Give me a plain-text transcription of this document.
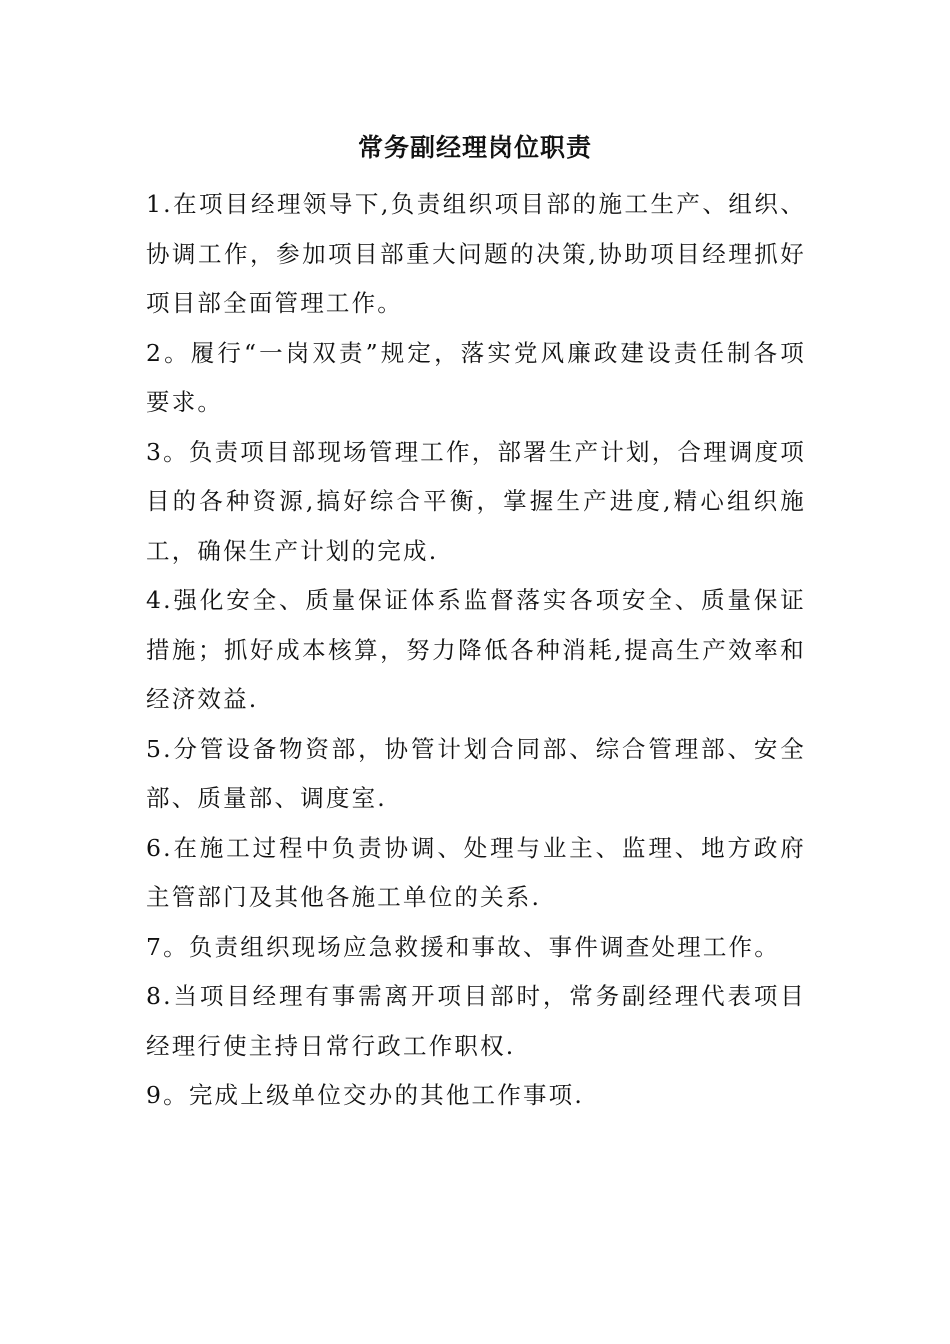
常务副经理岗位职责

1.在项目经理领导下,负责组织项目部的施工生产、组织、协调工作，参加项目部重大问题的决策,协助项目经理抓好项目部全面管理工作。

2。履行“一岗双责”规定，落实党风廉政建设责任制各项要求。

3。负责项目部现场管理工作，部署生产计划，合理调度项目的各种资源,搞好综合平衡，掌握生产进度,精心组织施工，确保生产计划的完成.

4.强化安全、质量保证体系监督落实各项安全、质量保证措施；抓好成本核算，努力降低各种消耗,提高生产效率和经济效益.

5.分管设备物资部，协管计划合同部、综合管理部、安全部、质量部、调度室.

6.在施工过程中负责协调、处理与业主、监理、地方政府主管部门及其他各施工单位的关系.

7。负责组织现场应急救援和事故、事件调查处理工作。

8.当项目经理有事需离开项目部时，常务副经理代表项目经理行使主持日常行政工作职权.

9。完成上级单位交办的其他工作事项.
